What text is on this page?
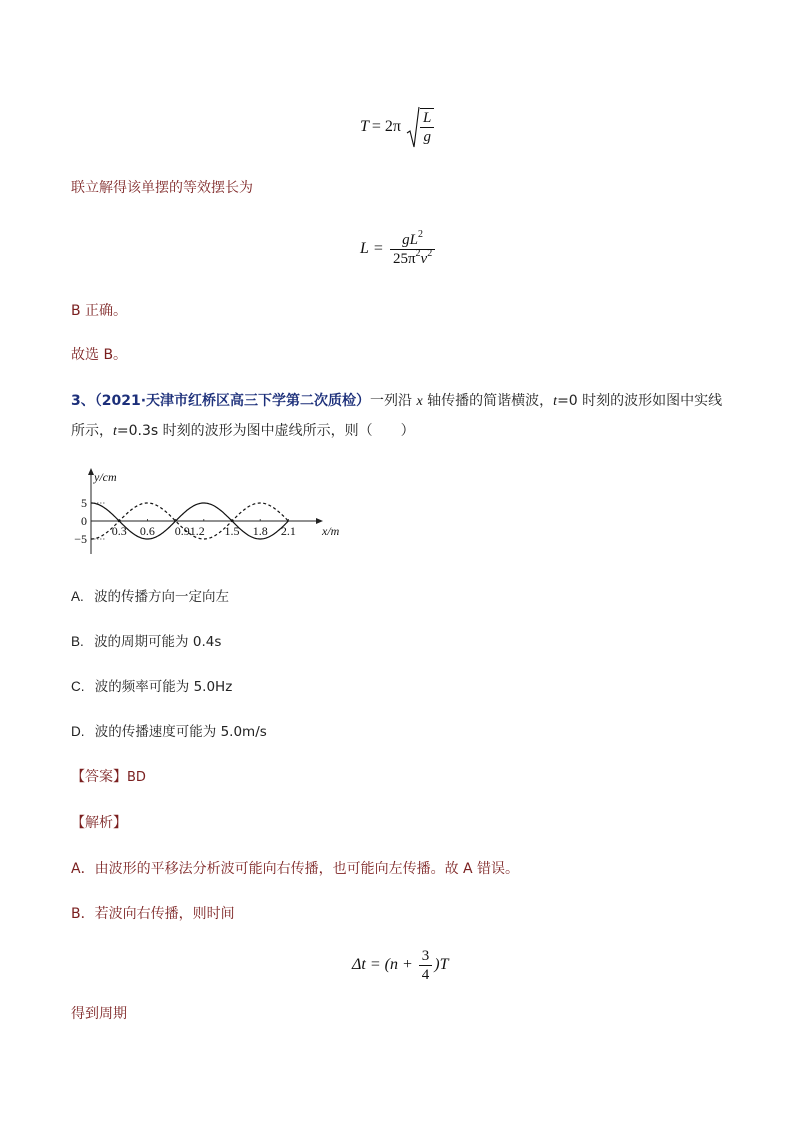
$T = 2\pi \frac{L}{g}$
联立解得该单摆的等效摆长为
$L = \frac{gL^2}{25\pi^2v^2}$
B 正确。
故选 B。
3、（2021·天津市红桥区高三下学第二次质检）一列沿 x 轴传播的简谐横波，t=0 时刻的波形如图中实线
所示，t=0.3s 时刻的波形为图中虚线所示，则（　　）
5
0
−5
y/cm
0.3 0.6 0.91.2 1.5 1.8 2.1 x/m
A. 波的传播方向一定向左
B. 波的周期可能为 0.4s
C. 波的频率可能为 5.0Hz
D. 波的传播速度可能为 5.0m/s
【答案】BD
【解析】
A．由波形的平移法分析波可能向右传播，也可能向左传播。故 A 错误。
B．若波向右传播，则时间
$\Delta t = (n + \frac{3}{4} )T$
得到周期
